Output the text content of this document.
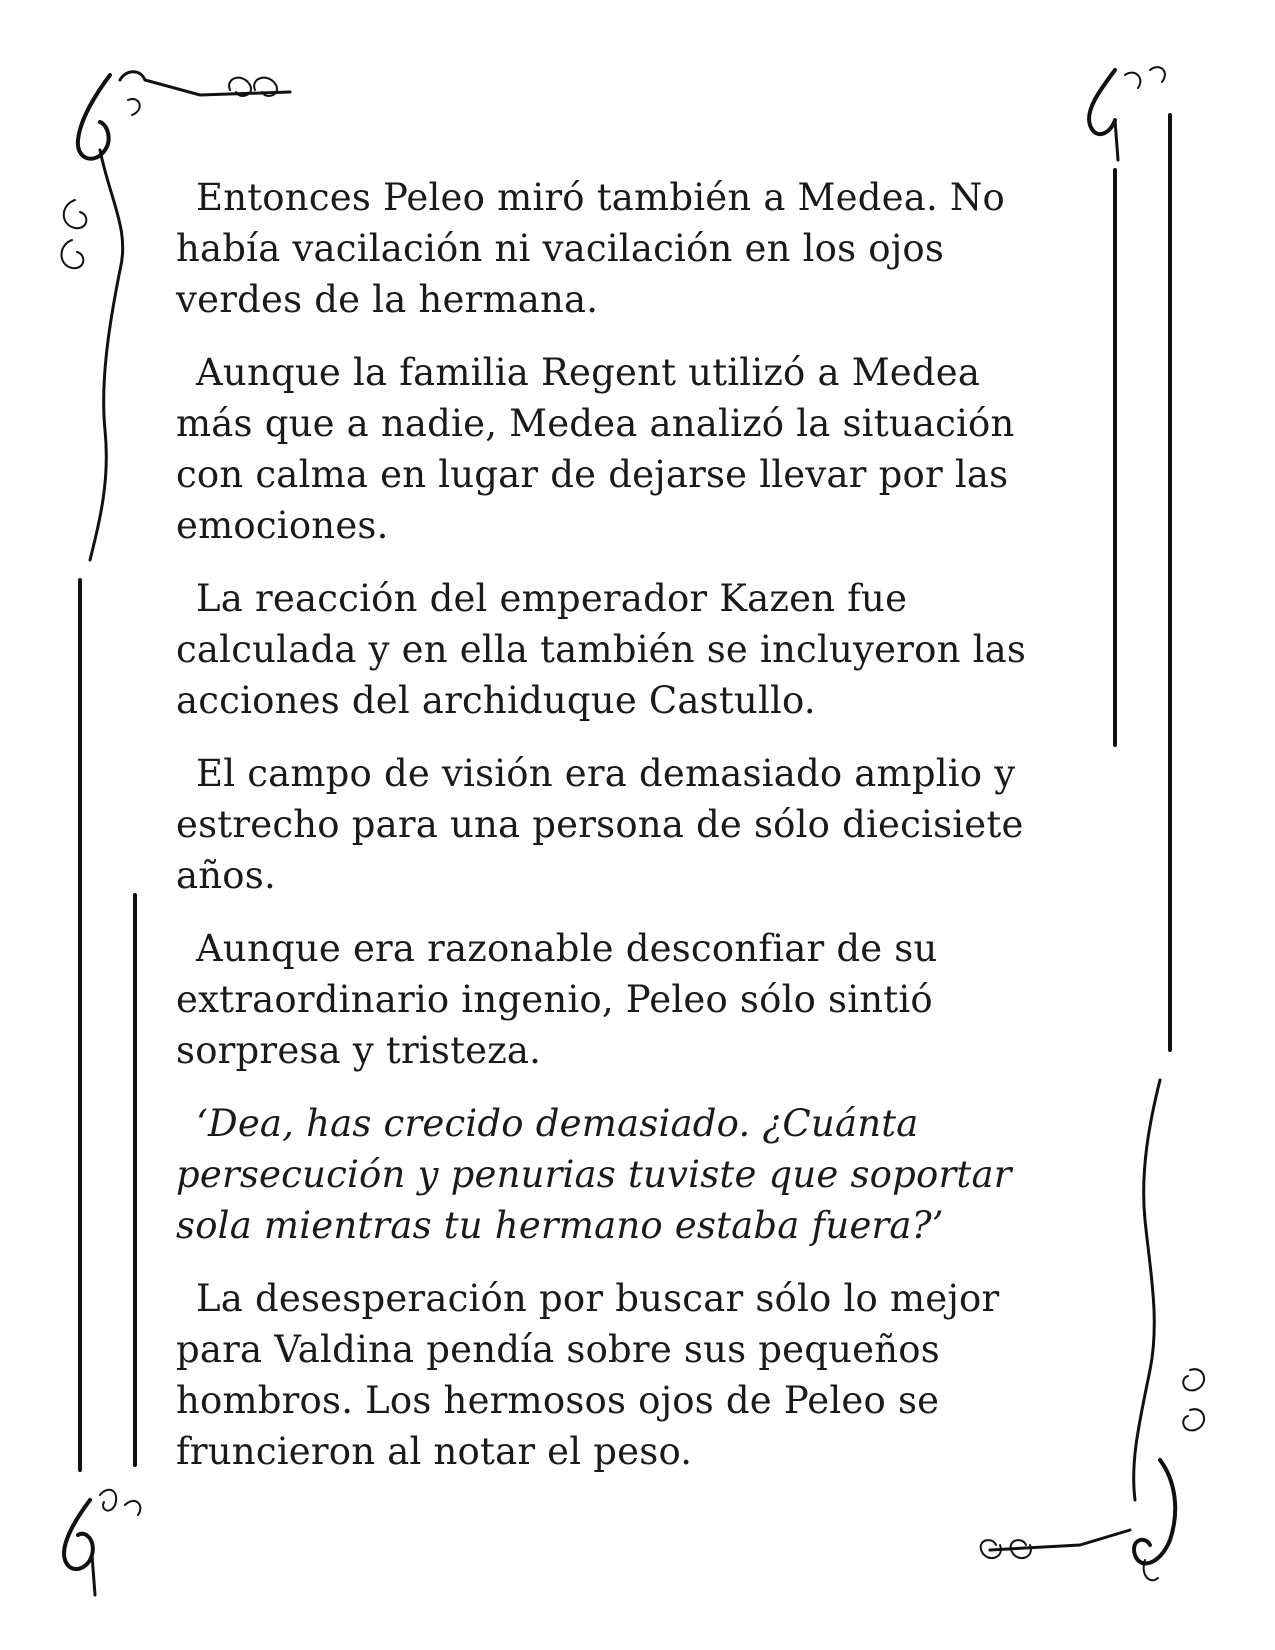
Entonces Peleo miró también a Medea. No había vacilación ni vacilación en los ojos verdes de la hermana.

Aunque la familia Regent utilizó a Medea más que a nadie, Medea analizó la situación con calma en lugar de dejarse llevar por las emociones.

La reacción del emperador Kazen fue calculada y en ella también se incluyeron las acciones del archiduque Castullo.

El campo de visión era demasiado amplio y estrecho para una persona de sólo diecisiete años.

Aunque era razonable desconfiar de su extraordinario ingenio, Peleo sólo sintió sorpresa y tristeza.

‘Dea, has crecido demasiado. ¿Cuánta persecución y penurias tuviste que soportar sola mientras tu hermano estaba fuera?’

La desesperación por buscar sólo lo mejor para Valdina pendía sobre sus pequeños hombros. Los hermosos ojos de Peleo se fruncieron al notar el peso.
